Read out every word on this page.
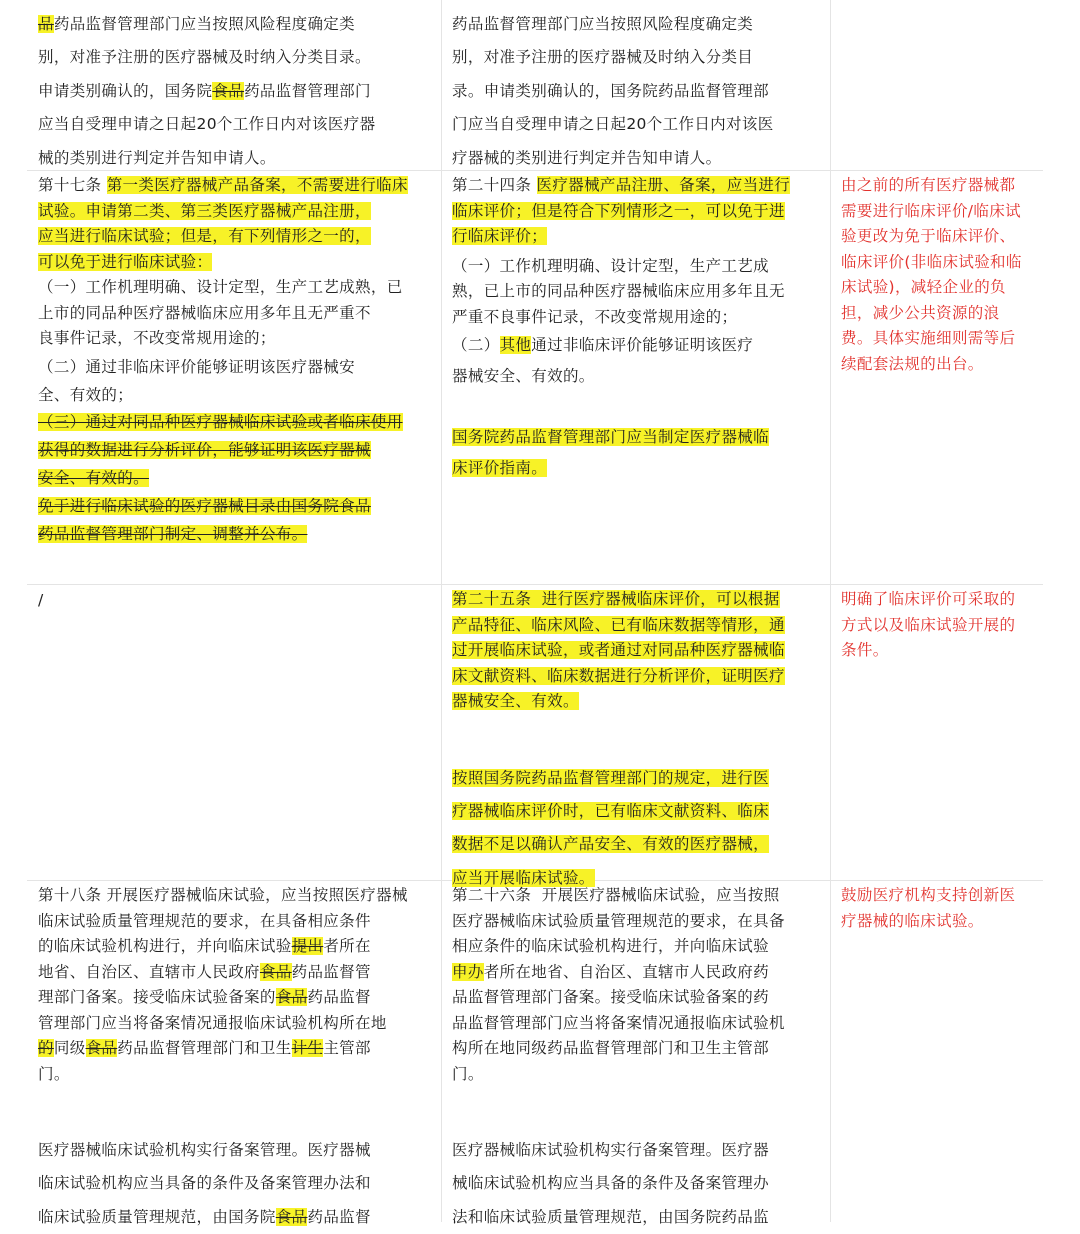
品药品监督管理部门应当按照风险程度确定类

别，对准予注册的医疗器械及时纳入分类目录。

申请类别确认的，国务院食品药品监督管理部门

应当自受理申请之日起20个工作日内对该医疗器

械的类别进行判定并告知申请人。

药品监督管理部门应当按照风险程度确定类

别，对准予注册的医疗器械及时纳入分类目

录。申请类别确认的，国务院药品监督管理部

门应当自受理申请之日起20个工作日内对该医

疗器械的类别进行判定并告知申请人。

第十七条 第一类医疗器械产品备案，不需要进行临床

试验。申请第二类、第三类医疗器械产品注册，

应当进行临床试验；但是，有下列情形之一的，

可以免于进行临床试验：

（一）工作机理明确、设计定型，生产工艺成熟，已

上市的同品种医疗器械临床应用多年且无严重不

良事件记录，不改变常规用途的；

（二）通过非临床评价能够证明该医疗器械安

全、有效的；

（三）通过对同品种医疗器械临床试验或者临床使用

获得的数据进行分析评价，能够证明该医疗器械

安全、有效的。

免于进行临床试验的医疗器械目录由国务院食品

药品监督管理部门制定、调整并公布。

第二十四条 医疗器械产品注册、备案，应当进行

临床评价；但是符合下列情形之一，可以免于进

行临床评价；

（一）工作机理明确、设计定型，生产工艺成

熟，已上市的同品种医疗器械临床应用多年且无

严重不良事件记录，不改变常规用途的；

（二）其他通过非临床评价能够证明该医疗

器械安全、有效的。

国务院药品监督管理部门应当制定医疗器械临

床评价指南。

由之前的所有医疗器械都

需要进行临床评价/临床试

验更改为免于临床评价、

临床评价(非临床试验和临

床试验)，减轻企业的负

担，减少公共资源的浪

费。具体实施细则需等后

续配套法规的出台。

/	第二十五条  进行医疗器械临床评价，可以根据

产品特征、临床风险、已有临床数据等情形，通

过开展临床试验，或者通过对同品种医疗器械临

床文献资料、临床数据进行分析评价，证明医疗

器械安全、有效。

按照国务院药品监督管理部门的规定，进行医

疗器械临床评价时，已有临床文献资料、临床

数据不足以确认产品安全、有效的医疗器械，

应当开展临床试验。

明确了临床评价可采取的

方式以及临床试验开展的

条件。

第十八条 开展医疗器械临床试验，应当按照医疗器械

临床试验质量管理规范的要求，在具备相应条件

的临床试验机构进行，并向临床试验提出者所在

地省、自治区、直辖市人民政府食品药品监督管

理部门备案。接受临床试验备案的食品药品监督

管理部门应当将备案情况通报临床试验机构所在地

的同级食品药品监督管理部门和卫生计生主管部

门。

医疗器械临床试验机构实行备案管理。医疗器械

临床试验机构应当具备的条件及备案管理办法和

临床试验质量管理规范，由国务院食品药品监督

第二十六条  开展医疗器械临床试验，应当按照

医疗器械临床试验质量管理规范的要求，在具备

相应条件的临床试验机构进行，并向临床试验

申办者所在地省、自治区、直辖市人民政府药

品监督管理部门备案。接受临床试验备案的药

品监督管理部门应当将备案情况通报临床试验机

构所在地同级药品监督管理部门和卫生主管部

门。

医疗器械临床试验机构实行备案管理。医疗器

械临床试验机构应当具备的条件及备案管理办

法和临床试验质量管理规范，由国务院药品监

鼓励医疗机构支持创新医

疗器械的临床试验。
